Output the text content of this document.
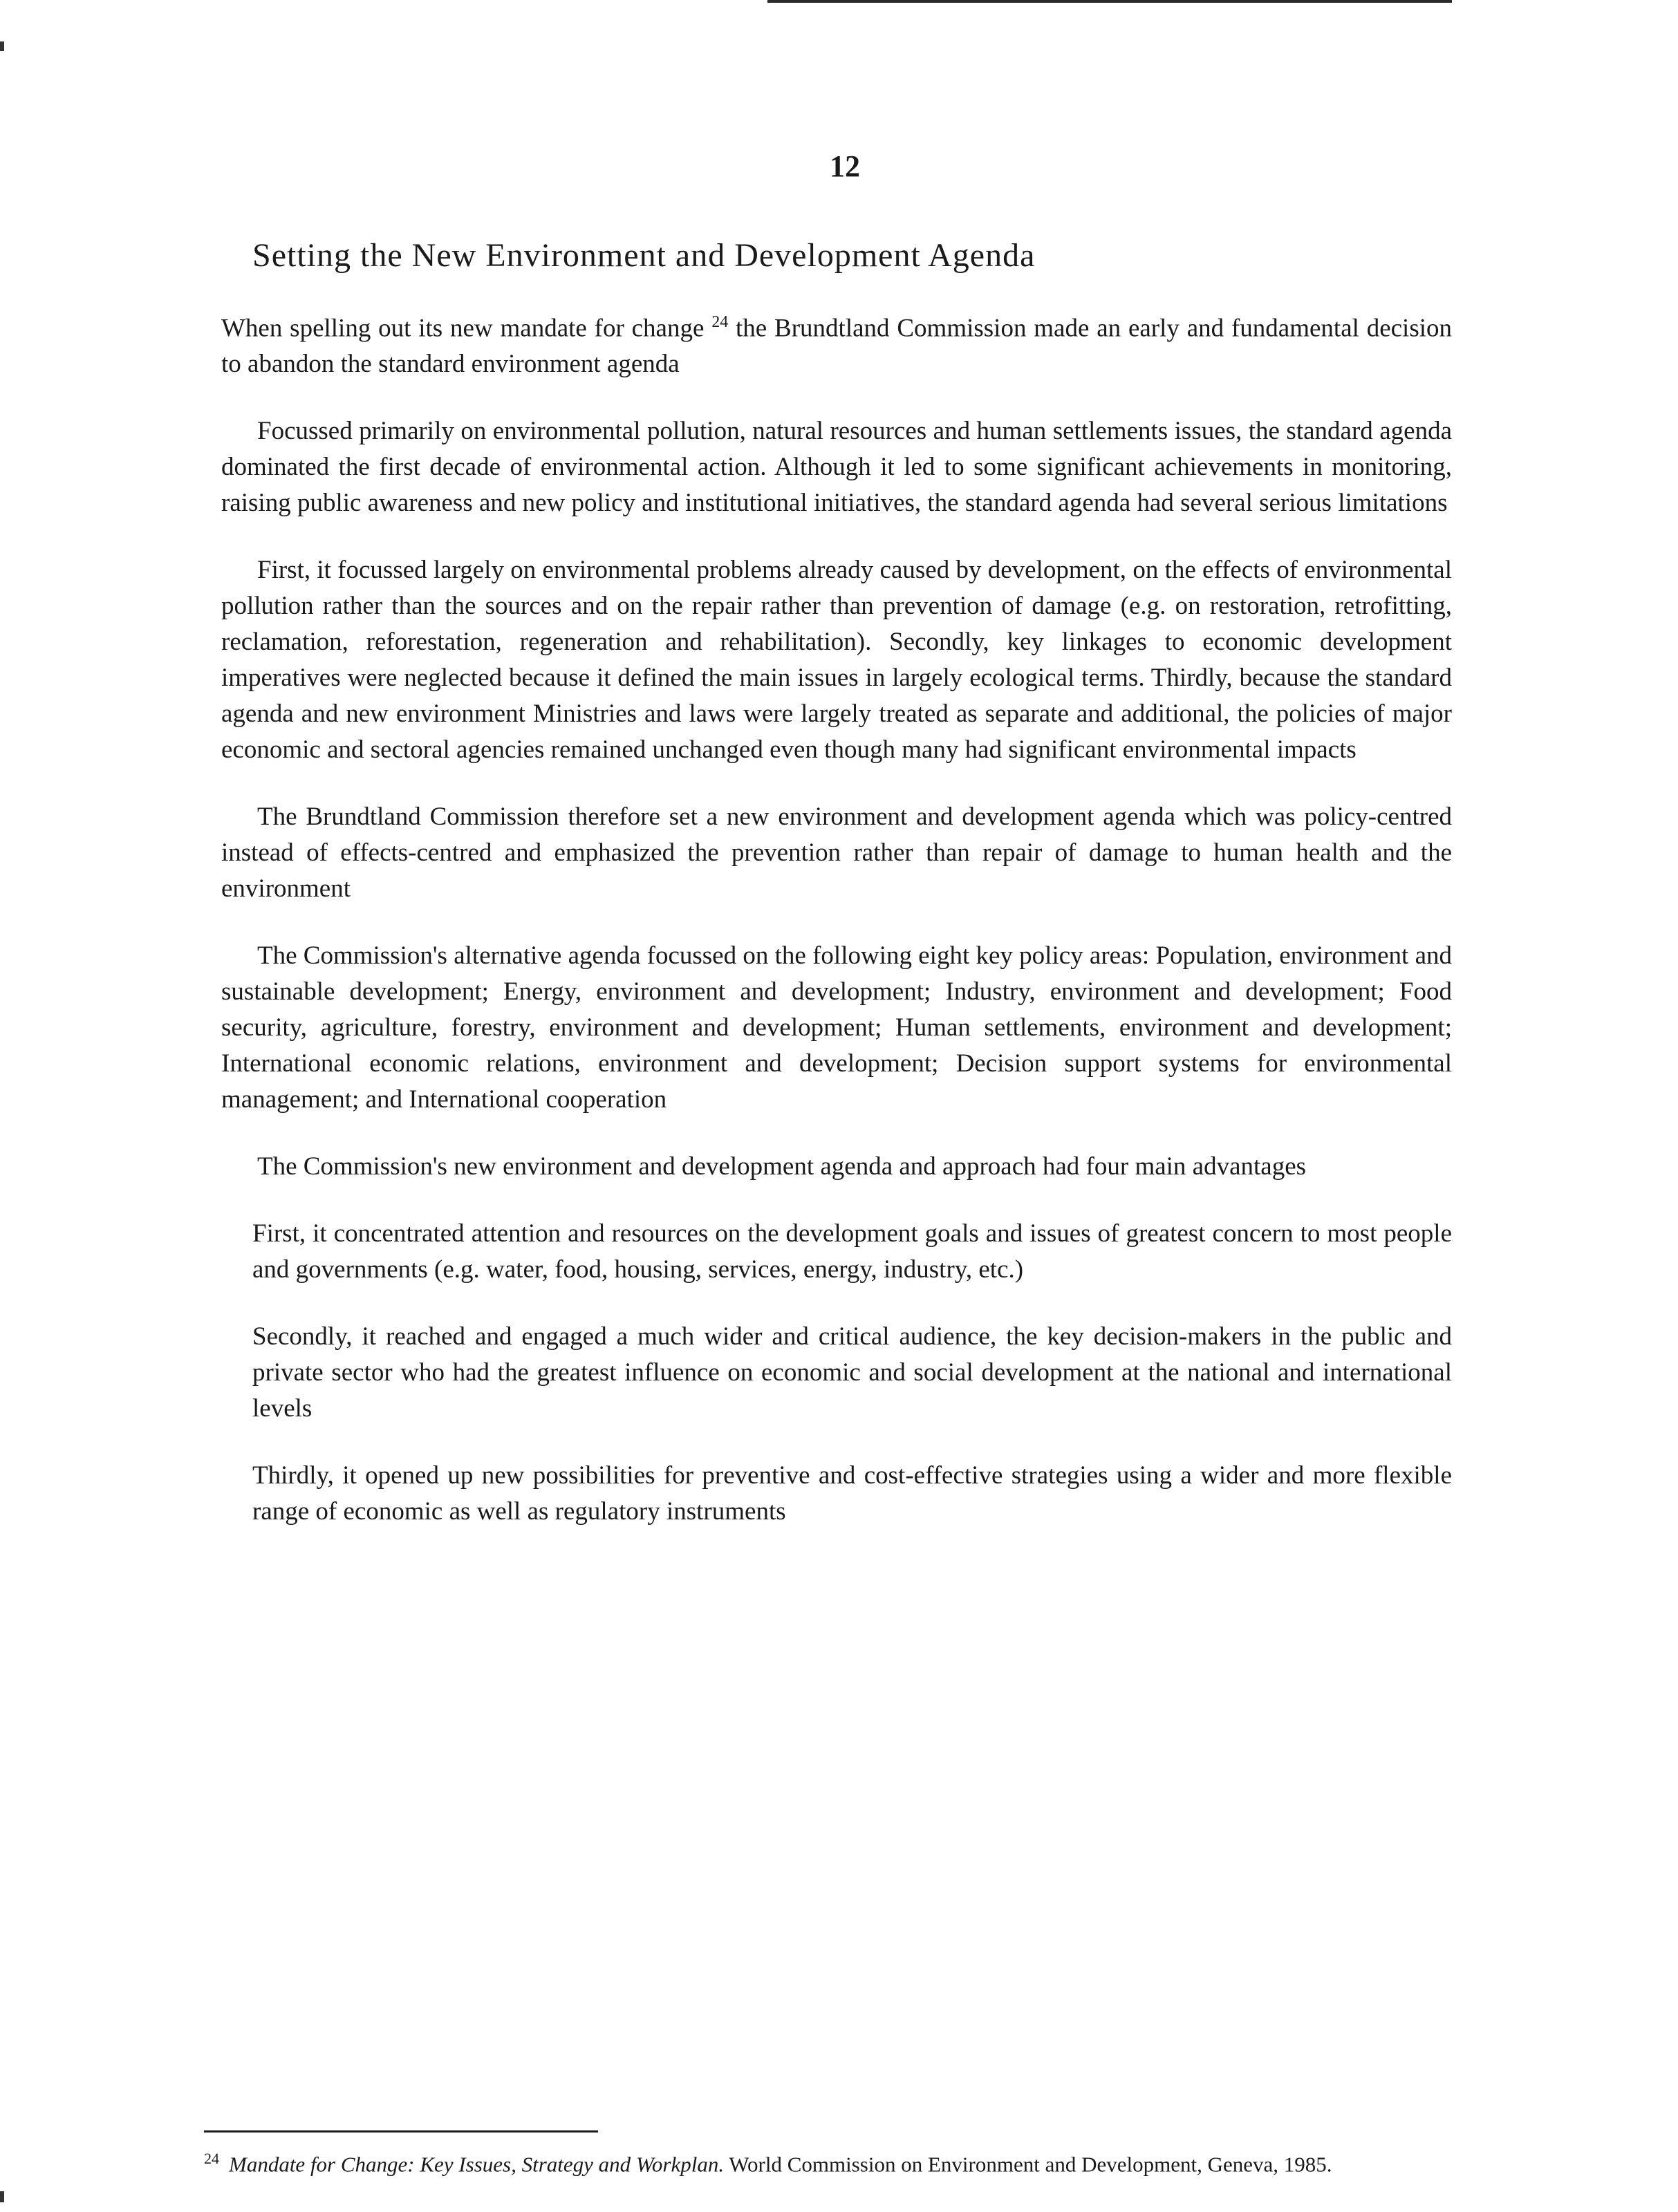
12
Setting the New Environment and Development Agenda

When spelling out its new mandate for change $^{24}$ the Brundtland Commission made an early and fundamental decision to abandon the standard environment agenda

Focussed primarily on environmental pollution, natural resources and human settlements issues, the standard agenda dominated the first decade of environmental action. Although it led to some significant achievements in monitoring, raising public awareness and new policy and institutional initiatives, the standard agenda had several serious limitations

First, it focussed largely on environmental problems already caused by development, on the effects of environmental pollution rather than the sources and on the repair rather than prevention of damage (e.g. on restoration, retrofitting, reclamation, reforestation, regeneration and rehabilitation). Secondly, key linkages to economic development imperatives were neglected because it defined the main issues in largely ecological terms. Thirdly, because the standard agenda and new environment Ministries and laws were largely treated as separate and additional, the policies of major economic and sectoral agencies remained unchanged even though many had significant environmental impacts

The Brundtland Commission therefore set a new environment and development agenda which was policy-centred instead of effects-centred and emphasized the prevention rather than repair of damage to human health and the environment

The Commission's alternative agenda focussed on the following eight key policy areas: Population, environment and sustainable development; Energy, environment and development; Industry, environment and development; Food security, agriculture, forestry, environment and development; Human settlements, environment and development; International economic relations, environment and development; Decision support systems for environmental management; and International cooperation

The Commission's new environment and development agenda and approach had four main advantages

First, it concentrated attention and resources on the development goals and issues of greatest concern to most people and governments (e.g. water, food, housing, services, energy, industry, etc.)

Secondly, it reached and engaged a much wider and critical audience, the key decision-makers in the public and private sector who had the greatest influence on economic and social development at the national and international levels

Thirdly, it opened up new possibilities for preventive and cost-effective strategies using a wider and more flexible range of economic as well as regulatory instruments

$^{24}$ Mandate for Change: Key Issues, Strategy and Workplan. World Commission on Environment and Development, Geneva, 1985.
